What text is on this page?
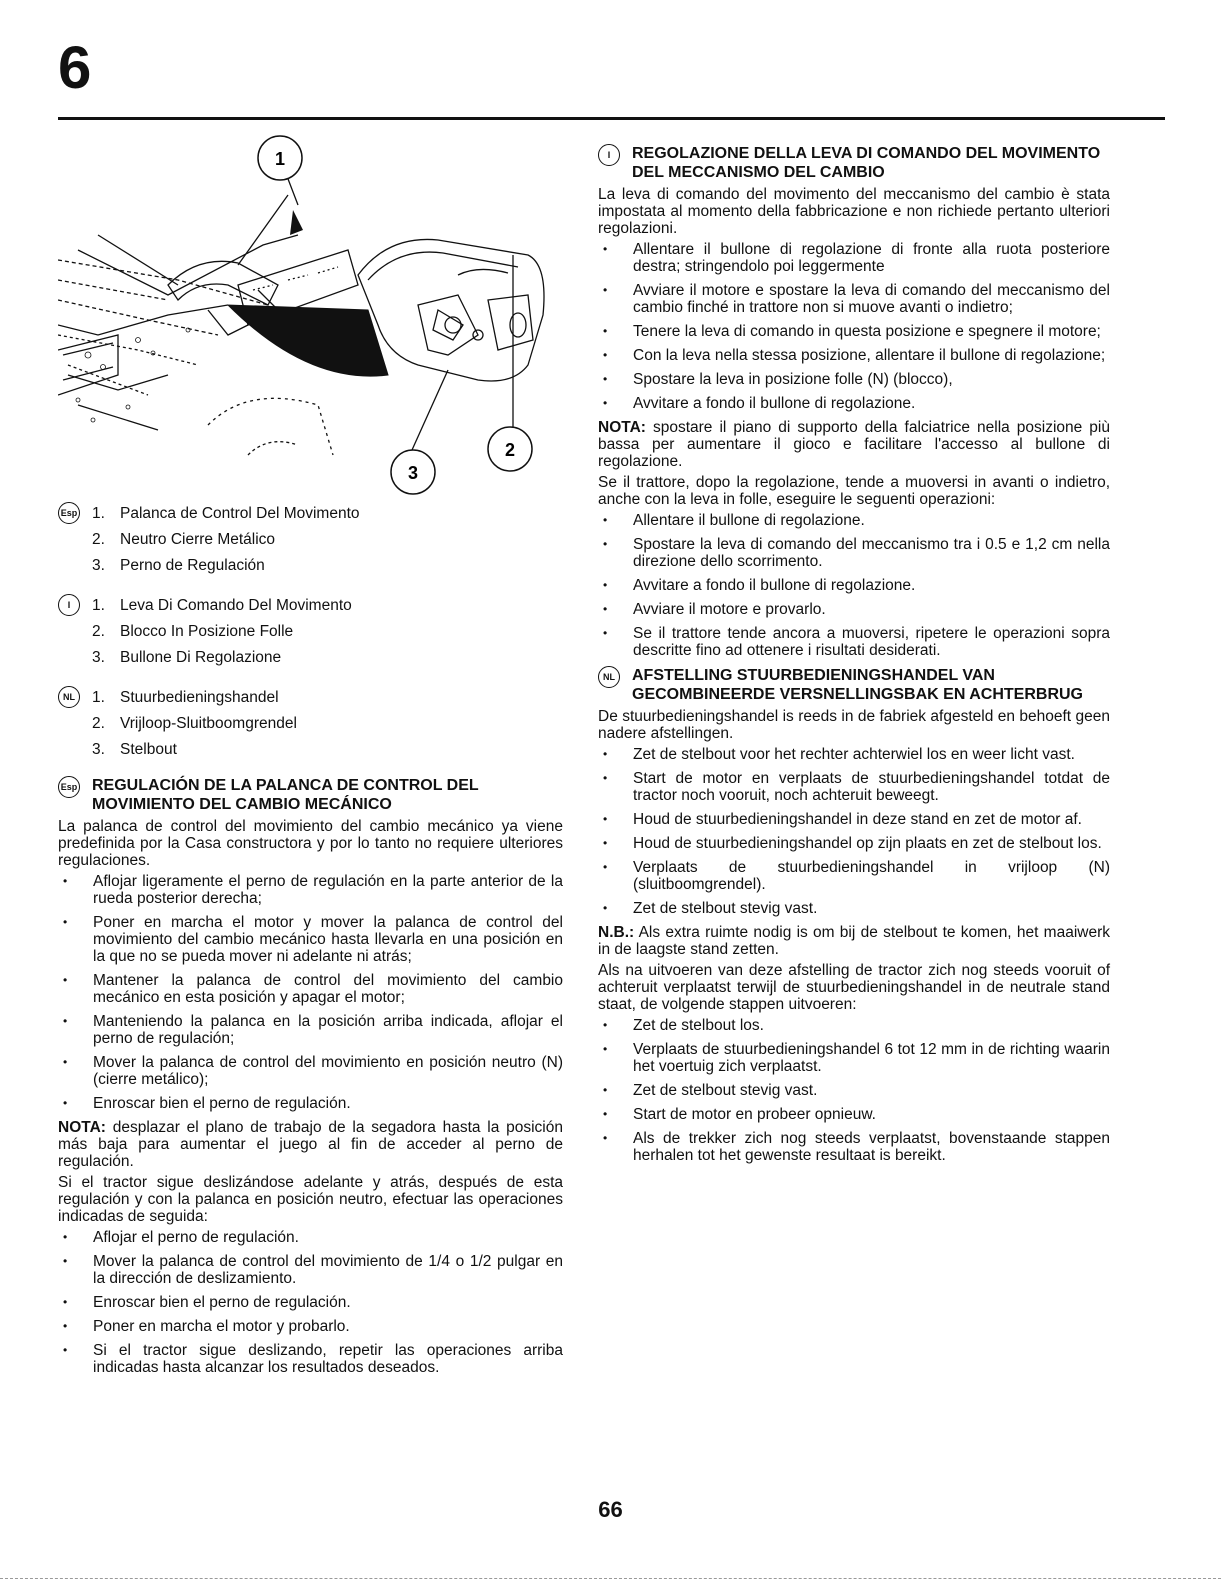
6
1
2
3
Esp 1. Palanca de Control Del Movimento
2. Neutro Cierre Metálico
3. Perno de Regulación
I	1. Leva Di Comando Del Movimento
2. Blocco In Posizione Folle
3. Bullone Di Regolazione
NL	1. Stuurbedieningshandel
2. Vrijloop-Sluitboomgrendel
3. Stelbout
Esp REGULACIÓN DE LA PALANCA DE CONTROL DEL MOVIMIENTO DEL CAMBIO MECÁNICO

La palanca de control del movimiento del cambio mecánico ya viene predefinida por la Casa constructora y por lo tanto no requiere ulteriores regulaciones.

• Aflojar ligeramente el perno de regulación en la parte anterior de la rueda posterior derecha;
• Poner en marcha el motor y mover la palanca de control del movimiento del cambio mecánico hasta llevarla en una posición en la que no se pueda mover ni adelante ni atrás;
• Mantener la palanca de control del movimiento del cambio mecánico en esta posición y apagar el motor;
• Manteniendo la palanca en la posición arriba indicada, aflojar el perno de regulación;
• Mover la palanca de control del movimiento en posición neutro (N) (cierre metálico);
• Enroscar bien el perno de regulación.

NOTA: desplazar el plano de trabajo de la segadora hasta la posición más baja para aumentar el juego al fin de acceder al perno de regulación.

Si el tractor sigue deslizándose adelante y atrás, después de esta regulación y con la palanca en posición neutro, efectuar las operaciones indicadas de seguida:

• Aflojar el perno de regulación.
• Mover la palanca de control del movimiento de 1/4 o 1/2 pulgar en la dirección de deslizamiento.
• Enroscar bien el perno de regulación.
• Poner en marcha el motor y probarlo.
• Si el tractor sigue deslizando, repetir las operaciones arriba indicadas hasta alcanzar los resultados deseados.
I	REGOLAZIONE DELLA LEVA DI COMANDO DEL MOVIMENTO DEL MECCANISMO DEL CAMBIO

La leva di comando del movimento del meccanismo del cambio è stata impostata al momento della fabbricazione e non richiede pertanto ulteriori regolazioni.

• Allentare il bullone di regolazione di fronte alla ruota posteriore destra; stringendolo poi leggermente
• Avviare il motore e spostare la leva di comando del meccanismo del cambio finché in trattore non si muove avanti o indietro;
• Tenere la leva di comando in questa posizione e spegnere il motore;
• Con la leva nella stessa posizione, allentare il bullone di regolazione;
• Spostare la leva in posizione folle (N) (blocco),
• Avvitare a fondo il bullone di regolazione.

NOTA: spostare il piano di supporto della falciatrice nella posizione più bassa per aumentare il gioco e facilitare l'accesso al bullone di regolazione.

Se il trattore, dopo la regolazione, tende a muoversi in avanti o indietro, anche con la leva in folle, eseguire le seguenti operazioni:

• Allentare il bullone di regolazione.
• Spostare la leva di comando del meccanismo tra i 0.5 e 1,2 cm nella direzione dello scorrimento.
• Avvitare a fondo il bullone di regolazione.
• Avviare il motore e provarlo.
• Se il trattore tende ancora a muoversi, ripetere le operazioni sopra descritte fino ad ottenere i risultati desiderati.
NL	AFSTELLING STUURBEDIENINGSHANDEL VAN GECOMBINEERDE VERSNELLINGSBAK EN ACHTERBRUG

De stuurbedieningshandel is reeds in de fabriek afgesteld en behoeft geen nadere afstellingen.

• Zet de stelbout voor het rechter achterwiel los en weer licht vast.
• Start de motor en verplaats de stuurbedieningshandel totdat de tractor noch vooruit, noch achteruit beweegt.
• Houd de stuurbedieningshandel in deze stand en zet de motor af.
• Houd de stuurbedieningshandel op zijn plaats en zet de stelbout los.
• Verplaats de stuurbedieningshandel in vrijloop (N) (sluitboomgrendel).
• Zet de stelbout stevig vast.

N.B.: Als extra ruimte nodig is om bij de stelbout te komen, het maaiwerk in de laagste stand zetten.

Als na uitvoeren van deze afstelling de tractor zich nog steeds vooruit of achteruit verplaatst terwijl de stuurbedieningshandel in de neutrale stand staat, de volgende stappen uitvoeren:

• Zet de stelbout los.
• Verplaats de stuurbedieningshandel 6 tot 12 mm in de richting waarin het voertuig zich verplaatst.
• Zet de stelbout stevig vast.
• Start de motor en probeer opnieuw.
• Als de trekker zich nog steeds verplaatst, bovenstaande stappen herhalen tot het gewenste resultaat is bereikt.
66
